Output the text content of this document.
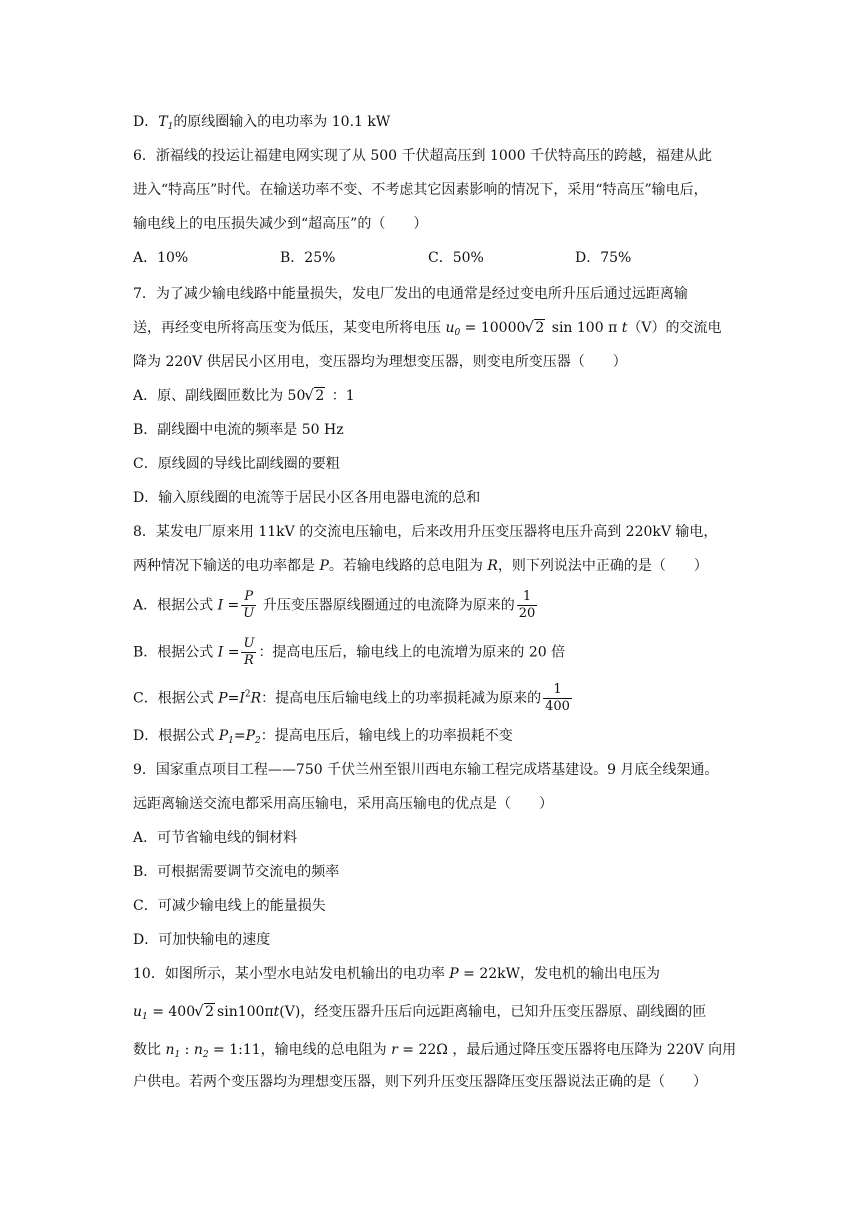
D．$T_1$的原线圈输入的电功率为 10.1 kW
6．浙福线的投运让福建电网实现了从 500 千伏超高压到 1000 千伏特高压的跨越，福建从此
进入“特高压”时代。在输送功率不变、不考虑其它因素影响的情况下，采用“特高压”输电后，
输电线上的电压损失减少到“超高压”的（　　）
A．10%	B．25%	C．50%	D．75%
7．为了减少输电线路中能量损失，发电厂发出的电通常是经过变电所升压后通过远距离输
送，再经变电所将高压变为低压，某变电所将电压 $u_0 = 10000√$ 2 sin 100 π t（V）的交流电
降为 220V 供居民小区用电，变压器均为理想变压器，则变电所变压器（　　）
A．原、副线圈匝数比为 50√ 2 ：1
B．副线圈中电流的频率是 50 Hz
C．原线圆的导线比副线圈的要粗
D．输入原线圈的电流等于居民小区各用电器电流的总和
8．某发电厂原来用 11kV 的交流电压输电，后来改用升压变压器将电压升高到 220kV 输电，
两种情况下输送的电功率都是 P。若输电线路的总电阻为 R，则下列说法中正确的是（　　）
A．根据公式 $I = \frac{P}{U}$ 升压变压器原线圈通过的电流降为原来的 $\frac{1}{20}$
B．根据公式 $I = \frac{U}{R}$ ：提高电压后，输电线上的电流增为原来的 20 倍
C．根据公式 $P=I^2R$：提高电压后输电线上的功率损耗减为原来的 $\frac{1}{400}$
D．根据公式 $P_1=P_2$：提高电压后，输电线上的功率损耗不变
9．国家重点项目工程——750 千伏兰州至银川西电东输工程完成塔基建设。9 月底全线架通。
远距离输送交流电都采用高压输电，采用高压输电的优点是（　　）
A．可节省输电线的铜材料
B．可根据需要调节交流电的频率
C．可减少输电线上的能量损失
D．可加快输电的速度
10．如图所示，某小型水电站发电机输出的电功率 P = 22kW，发电机的输出电压为
$u_1 = 400√$ 2 sin100πt(V)，经变压器升压后向远距离输电，已知升压变压器原、副线圈的匝
数比 $n_1$ : $n_2$ = 1:11，输电线的总电阻为 r = 22Ω ，最后通过降压变压器将电压降为 220V 向用
户供电。若两个变压器均为理想变压器，则下列升压变压器降压变压器说法正确的是（　　）
